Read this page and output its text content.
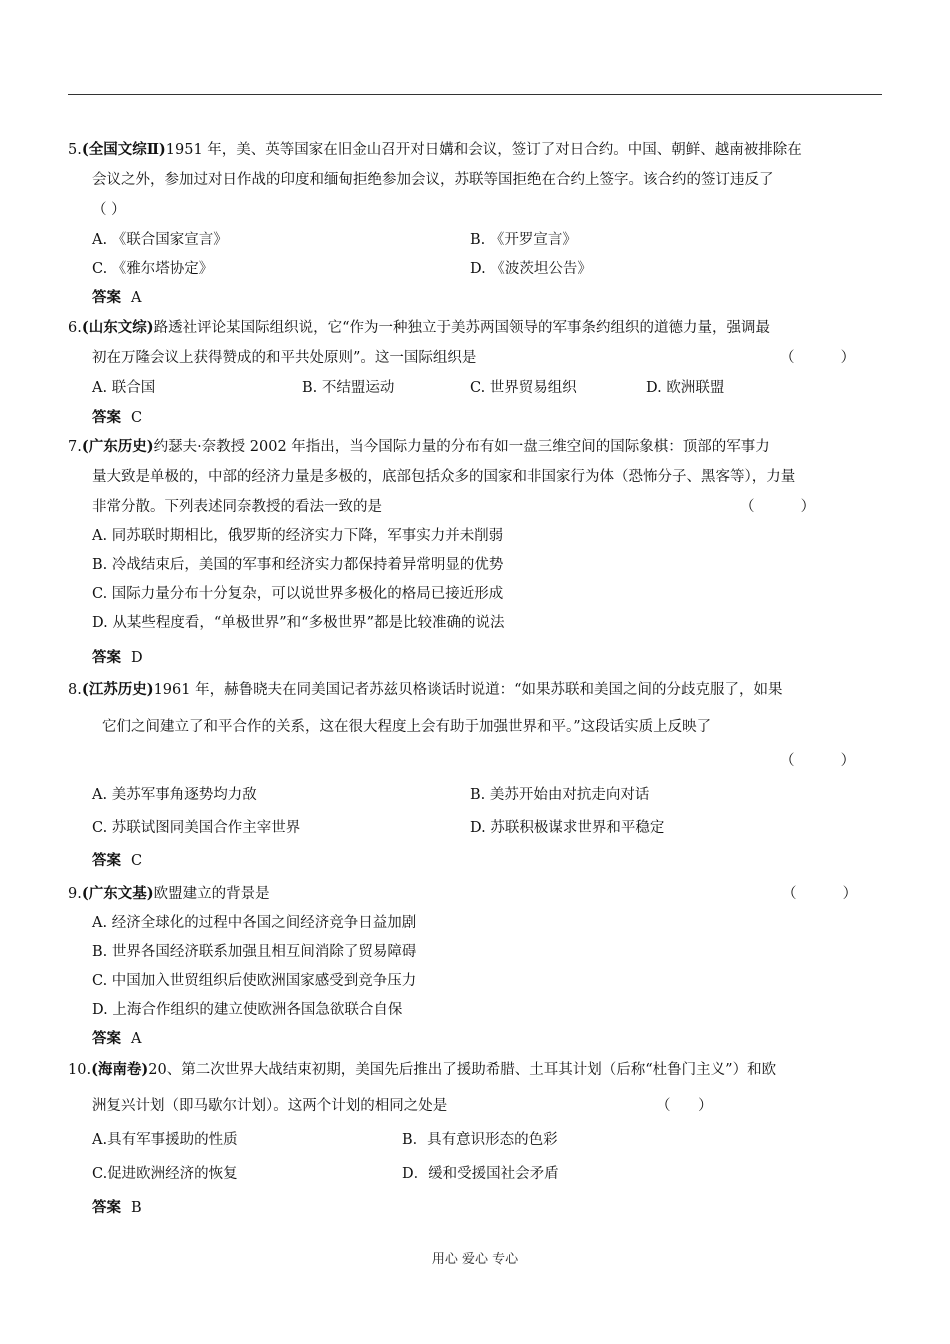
5.(全国文综Ⅱ)1951 年，美、英等国家在旧金山召开对日媾和会议，签订了对日合约。中国、朝鲜、越南被排除在
会议之外，参加过对日作战的印度和缅甸拒绝参加会议，苏联等国拒绝在合约上签字。该合约的签订违反了
（ ）
A. 《联合国家宣言》	B. 《开罗宣言》
C. 《雅尔塔协定》	D. 《波茨坦公告》
答案 A
6.(山东文综)路透社评论某国际组织说，它“作为一种独立于美苏两国领导的军事条约组织的道德力量，强调最
初在万隆会议上获得赞成的和平共处原则”。这一国际组织是	（          ）
A. 联合国	B. 不结盟运动	C. 世界贸易组织	D. 欧洲联盟
答案 C
7.(广东历史)约瑟夫·奈教授 2002 年指出，当今国际力量的分布有如一盘三维空间的国际象棋：顶部的军事力
量大致是单极的，中部的经济力量是多极的，底部包括众多的国家和非国家行为体（恐怖分子、黑客等），力量
非常分散。下列表述同奈教授的看法一致的是	（          ）
A. 同苏联时期相比，俄罗斯的经济实力下降，军事实力并未削弱
B. 冷战结束后，美国的军事和经济实力都保持着异常明显的优势
C. 国际力量分布十分复杂，可以说世界多极化的格局已接近形成
D. 从某些程度看，“单极世界”和“多极世界”都是比较准确的说法
答案 D
8.(江苏历史)1961 年，赫鲁晓夫在同美国记者苏兹贝格谈话时说道：“如果苏联和美国之间的分歧克服了，如果
它们之间建立了和平合作的关系，这在很大程度上会有助于加强世界和平。”这段话实质上反映了
（          ）
A. 美苏军事角逐势均力敌	B. 美苏开始由对抗走向对话
C. 苏联试图同美国合作主宰世界	D. 苏联积极谋求世界和平稳定
答案 C
9.(广东文基)欧盟建立的背景是	（          ）
A. 经济全球化的过程中各国之间经济竞争日益加剧
B. 世界各国经济联系加强且相互间消除了贸易障碍
C. 中国加入世贸组织后使欧洲国家感受到竞争压力
D. 上海合作组织的建立使欧洲各国急欲联合自保
答案 A
10.(海南卷)20、第二次世界大战结束初期，美国先后推出了援助希腊、土耳其计划（后称“杜鲁门主义”）和欧
洲复兴计划（即马歇尔计划）。这两个计划的相同之处是	（      ）
A.具有军事援助的性质	B．具有意识形态的色彩
C.促进欧洲经济的恢复	D．缓和受援国社会矛盾
答案 B
用心 爱心 专心
